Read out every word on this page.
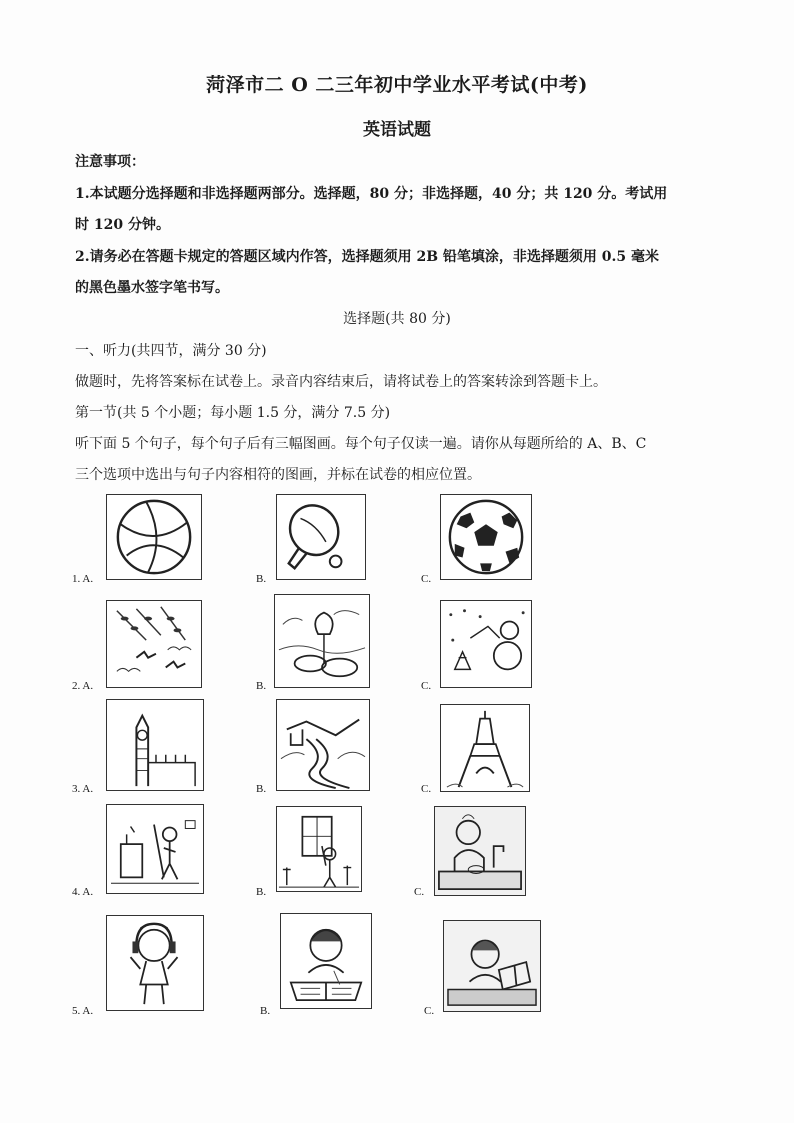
菏泽市二 O 二三年初中学业水平考试(中考)
英语试题
注意事项：
1.本试题分选择题和非选择题两部分。选择题，80 分；非选择题，40 分；共 120 分。考试用
时 120 分钟。
2.请务必在答题卡规定的答题区域内作答，选择题须用 2B 铅笔填涂，非选择题须用 0.5 毫米
的黑色墨水签字笔书写。
选择题(共 80 分)
一、听力(共四节，满分 30 分)
做题时，先将答案标在试卷上。录音内容结束后，请将试卷上的答案转涂到答题卡上。
第一节(共 5 个小题；每小题 1.5 分，满分 7.5 分)
听下面 5 个句子，每个句子后有三幅图画。每个句子仅读一遍。请你从每题所给的 A、B、C
三个选项中选出与句子内容相符的图画，并标在试卷的相应位置。
1. A.	B.	C.
2. A.	B.	C.
3. A.	B.	C.
4. A.	B.	C.
5. A.	B.	C.
